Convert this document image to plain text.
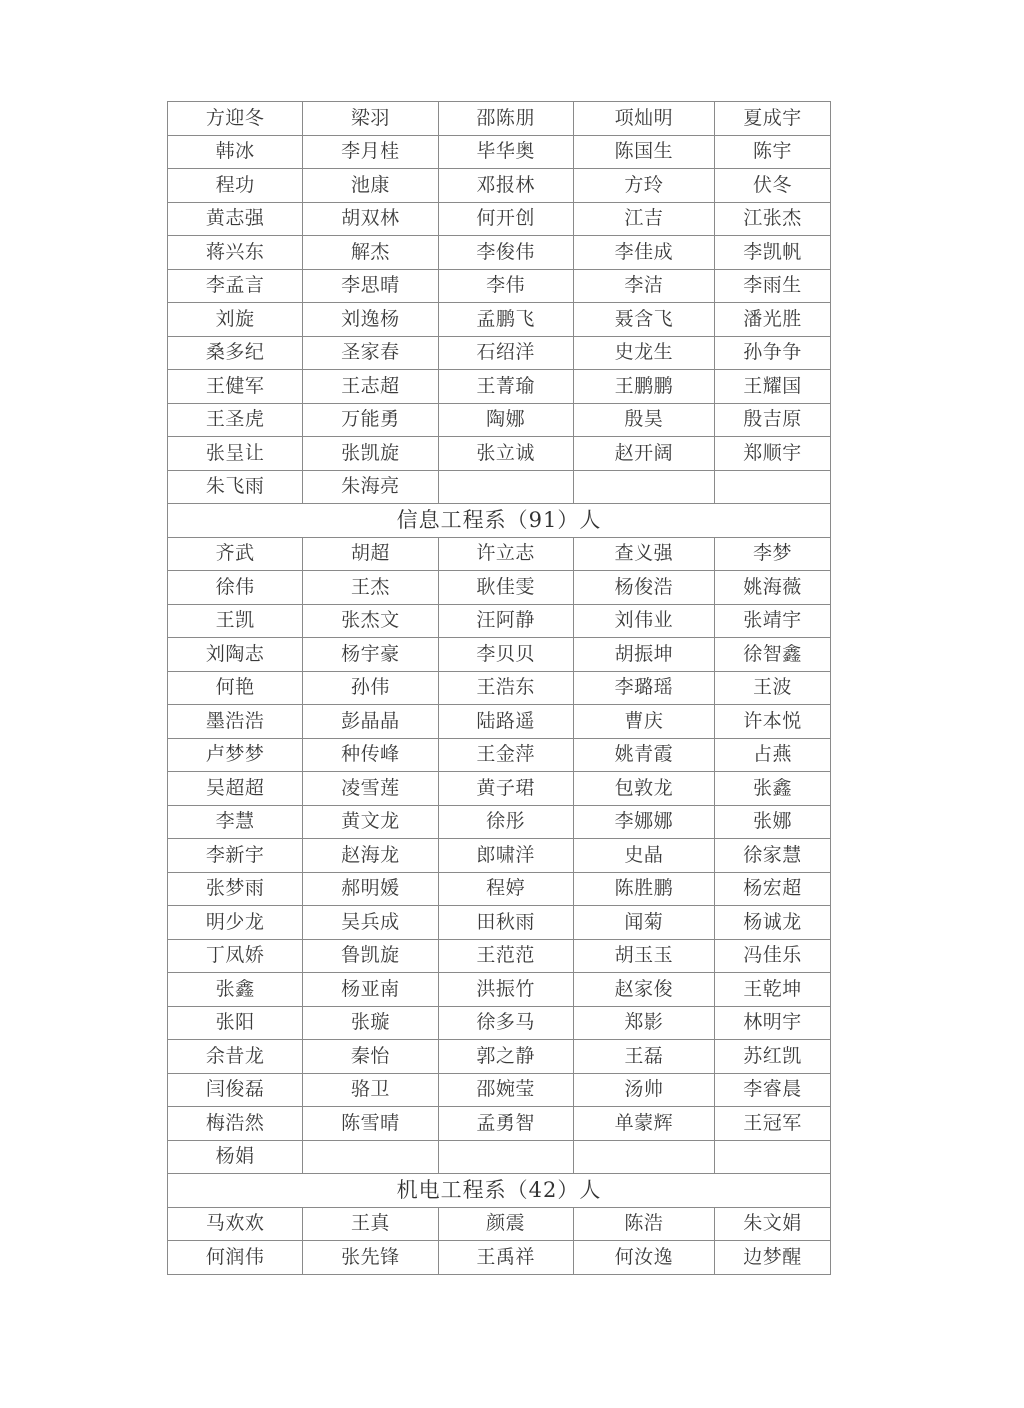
方迎冬	梁羽	邵陈朋	项灿明	夏成宇
韩冰	李月桂	毕华奥	陈国生	陈宇
程功	池康	邓报林	方玲	伏冬
黄志强	胡双林	何开创	江吉	江张杰
蒋兴东	解杰	李俊伟	李佳成	李凯帆
李孟言	李思晴	李伟	李洁	李雨生
刘旋	刘逸杨	孟鹏飞	聂含飞	潘光胜
桑多纪	圣家春	石绍洋	史龙生	孙争争
王健军	王志超	王菁瑜	王鹏鹏	王耀国
王圣虎	万能勇	陶娜	殷昊	殷吉原
张呈让	张凯旋	张立诚	赵开阔	郑顺宇
朱飞雨	朱海亮			
信息工程系（91）人				
齐武	胡超	许立志	查义强	李梦
徐伟	王杰	耿佳雯	杨俊浩	姚海薇
王凯	张杰文	汪阿静	刘伟业	张靖宇
刘陶志	杨宇豪	李贝贝	胡振坤	徐智鑫
何艳	孙伟	王浩东	李璐瑶	王波
墨浩浩	彭晶晶	陆路遥	曹庆	许本悦
卢梦梦	种传峰	王金萍	姚青霞	占燕
吴超超	凌雪莲	黄子珺	包敦龙	张鑫
李慧	黄文龙	徐彤	李娜娜	张娜
李新宇	赵海龙	郎啸洋	史晶	徐家慧
张梦雨	郝明媛	程婷	陈胜鹏	杨宏超
明少龙	吴兵成	田秋雨	闻菊	杨诚龙
丁凤娇	鲁凯旋	王范范	胡玉玉	冯佳乐
张鑫	杨亚南	洪振竹	赵家俊	王乾坤
张阳	张璇	徐多马	郑影	林明宇
余昔龙	秦怡	郭之静	王磊	苏红凯
闫俊磊	骆卫	邵婉莹	汤帅	李睿晨
梅浩然	陈雪晴	孟勇智	单蒙辉	王冠军
杨娟				
机电工程系（42）人				
马欢欢	王真	颜震	陈浩	朱文娟
何润伟	张先锋	王禹祥	何汝逸	边梦醒
